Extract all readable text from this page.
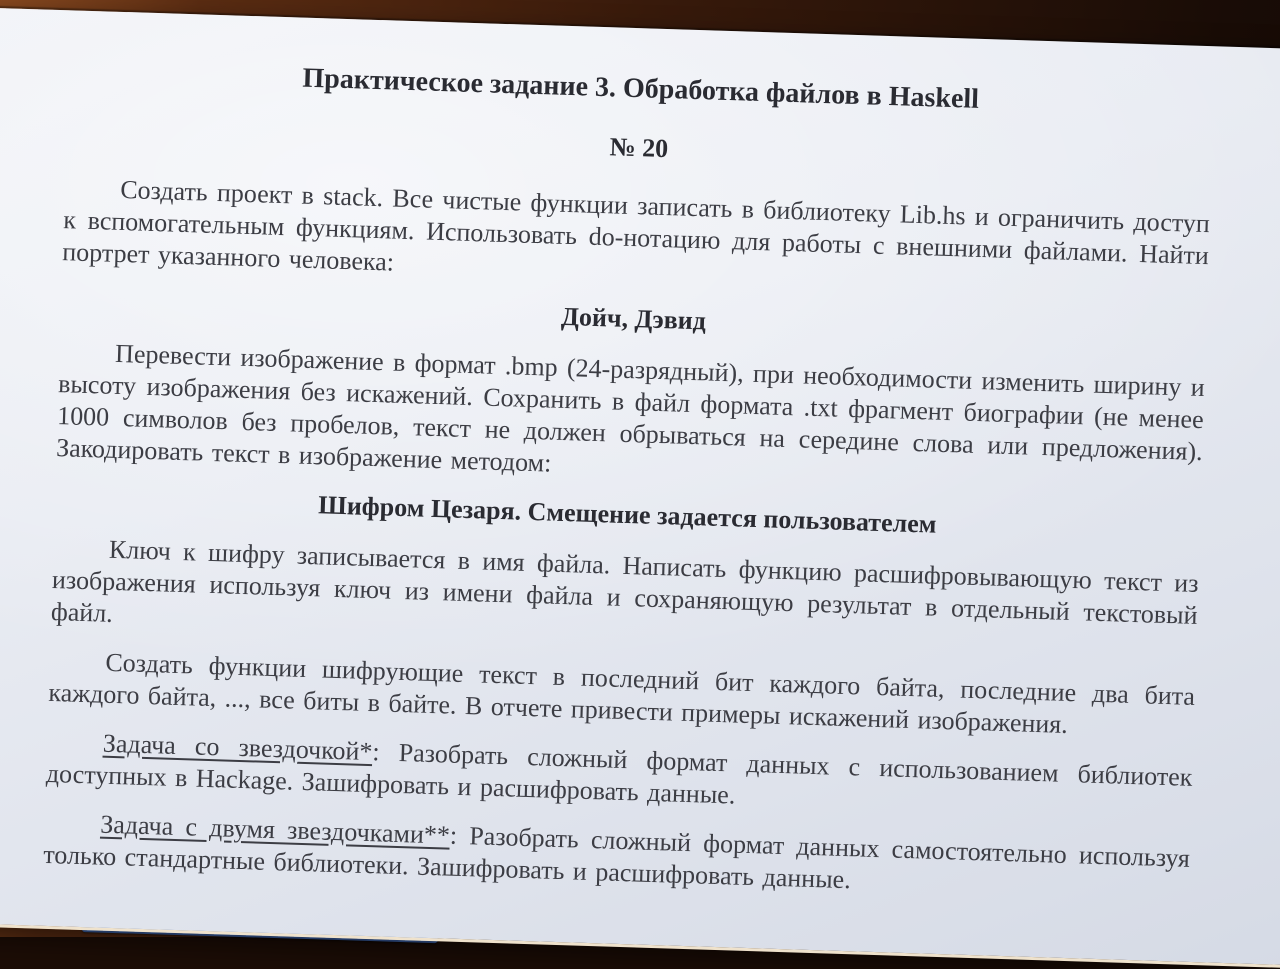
Практическое задание 3. Обработка файлов в Haskell
№ 20

Создать проект в stack. Все чистые функции записать в библиотеку Lib.hs и ограничить доступ к вспомогательным функциям. Использовать do-нотацию для работы с внешними файлами. Найти портрет указанного человека:

Дойч, Дэвид

Перевести изображение в формат .bmp (24-разрядный), при необходимости изменить ширину и высоту изображения без искажений. Сохранить в файл формата .txt фрагмент биографии (не менее 1000 символов без пробелов, текст не должен обрываться на середине слова или предложения). Закодировать текст в изображение методом:

Шифром Цезаря. Смещение задается пользователем

Ключ к шифру записывается в имя файла. Написать функцию расшифровывающую текст из изображения используя ключ из имени файла и сохраняющую результат в отдельный текстовый файл.

Создать функции шифрующие текст в последний бит каждого байта, последние два бита каждого байта, ..., все биты в байте. В отчете привести примеры искажений изображения.

Задача со звездочкой*: Разобрать сложный формат данных с использованием библиотек доступных в Hackage. Зашифровать и расшифровать данные.

Задача с двумя звездочками**: Разобрать сложный формат данных самостоятельно используя только стандартные библиотеки. Зашифровать и расшифровать данные.
